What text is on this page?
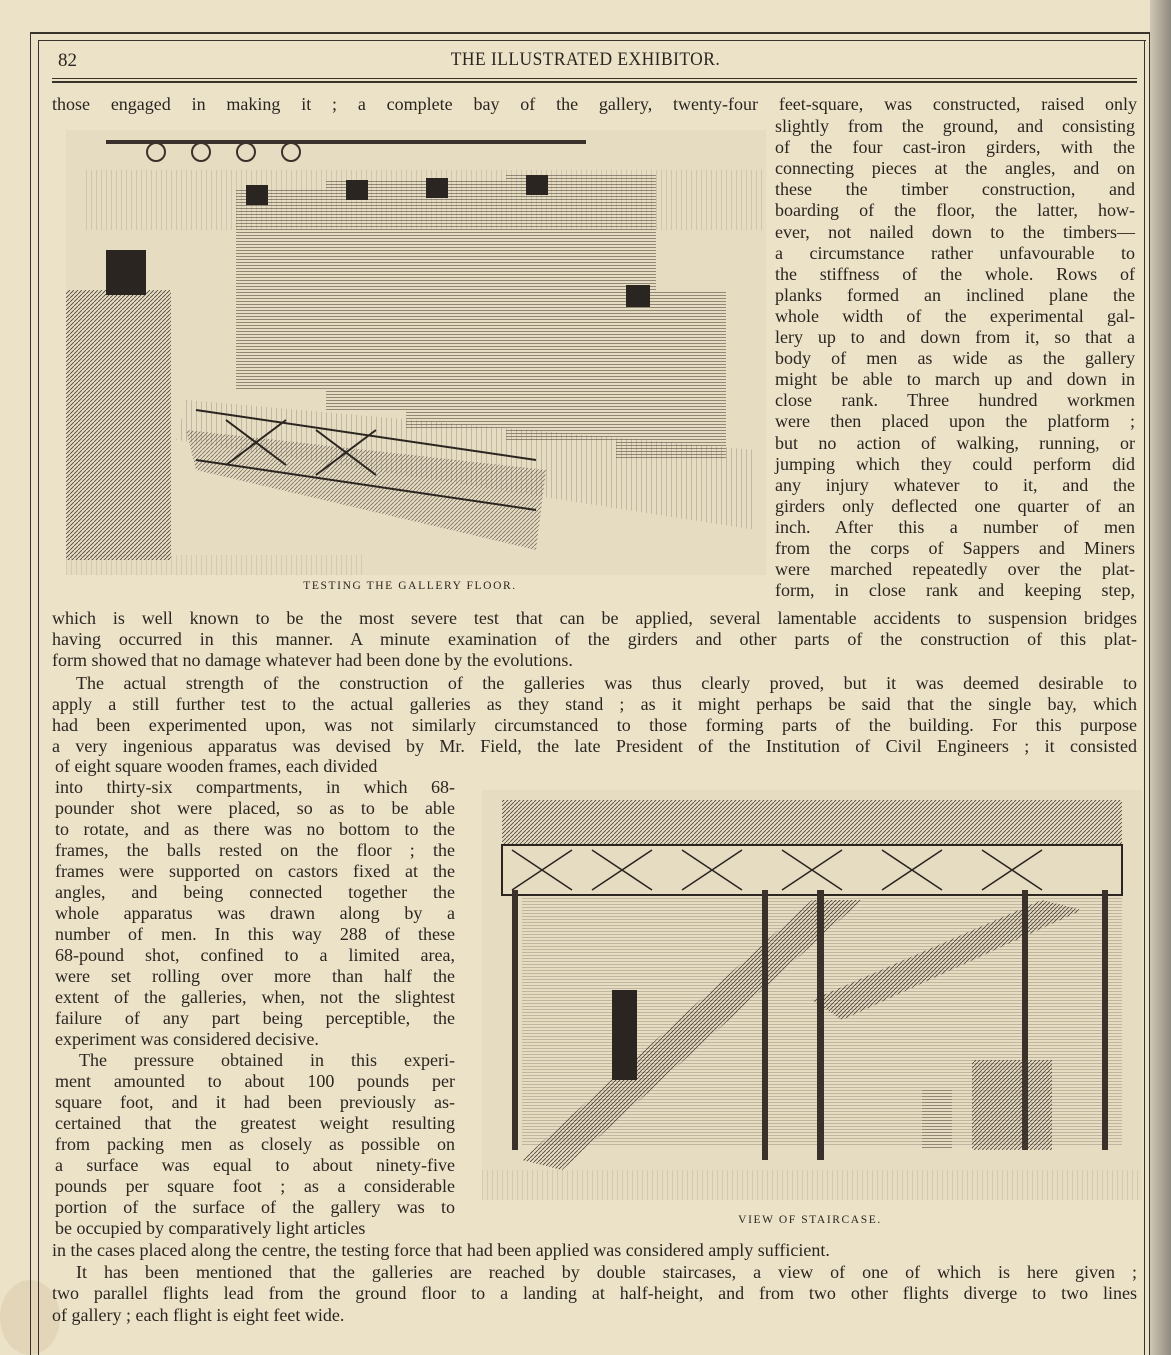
82	THE ILLUSTRATED EXHIBITOR.
TESTING THE GALLERY FLOOR.
VIEW OF STAIRCASE.
those engaged in making it ; a complete bay of the gallery, twenty-four feet-square, was constructed, raised only
slightly from the ground, and consisting
of the four cast-iron girders, with the
connecting pieces at the angles, and on
these the timber construction, and
boarding of the floor, the latter, how-
ever, not nailed down to the timbers—
a circumstance rather unfavourable to
the stiffness of the whole. Rows of
planks formed an inclined plane the
whole width of the experimental gal-
lery up to and down from it, so that a
body of men as wide as the gallery
might be able to march up and down in
close rank. Three hundred workmen
were then placed upon the platform ;
but no action of walking, running, or
jumping which they could perform did
any injury whatever to it, and the
girders only deflected one quarter of an
inch. After this a number of men
from the corps of Sappers and Miners
were marched repeatedly over the plat-
form, in close rank and keeping step,
which is well known to be the most severe test that can be applied, several lamentable accidents to suspension bridges
having occurred in this manner. A minute examination of the girders and other parts of the construction of this plat-
form showed that no damage whatever had been done by the evolutions.
The actual strength of the construction of the galleries was thus clearly proved, but it was deemed desirable to
apply a still further test to the actual galleries as they stand ; as it might perhaps be said that the single bay, which
had been experimented upon, was not similarly circumstanced to those forming parts of the building. For this purpose
a very ingenious apparatus was devised by Mr. Field, the late President of the Institution of Civil Engineers ; it consisted
of eight square wooden frames, each divided
into thirty-six compartments, in which 68-
pounder shot were placed, so as to be able
to rotate, and as there was no bottom to the
frames, the balls rested on the floor ; the
frames were supported on castors fixed at the
angles, and being connected together the
whole apparatus was drawn along by a
number of men. In this way 288 of these
68-pound shot, confined to a limited area,
were set rolling over more than half the
extent of the galleries, when, not the slightest
failure of any part being perceptible, the
experiment was considered decisive.
The pressure obtained in this experi-
ment amounted to about 100 pounds per
square foot, and it had been previously as-
certained that the greatest weight resulting
from packing men as closely as possible on
a surface was equal to about ninety-five
pounds per square foot ; as a considerable
portion of the surface of the gallery was to
be occupied by comparatively light articles
in the cases placed along the centre, the testing force that had been applied was considered amply sufficient.
It has been mentioned that the galleries are reached by double staircases, a view of one of which is here given ;
two parallel flights lead from the ground floor to a landing at half-height, and from two other flights diverge to two lines
of gallery ; each flight is eight feet wide.
